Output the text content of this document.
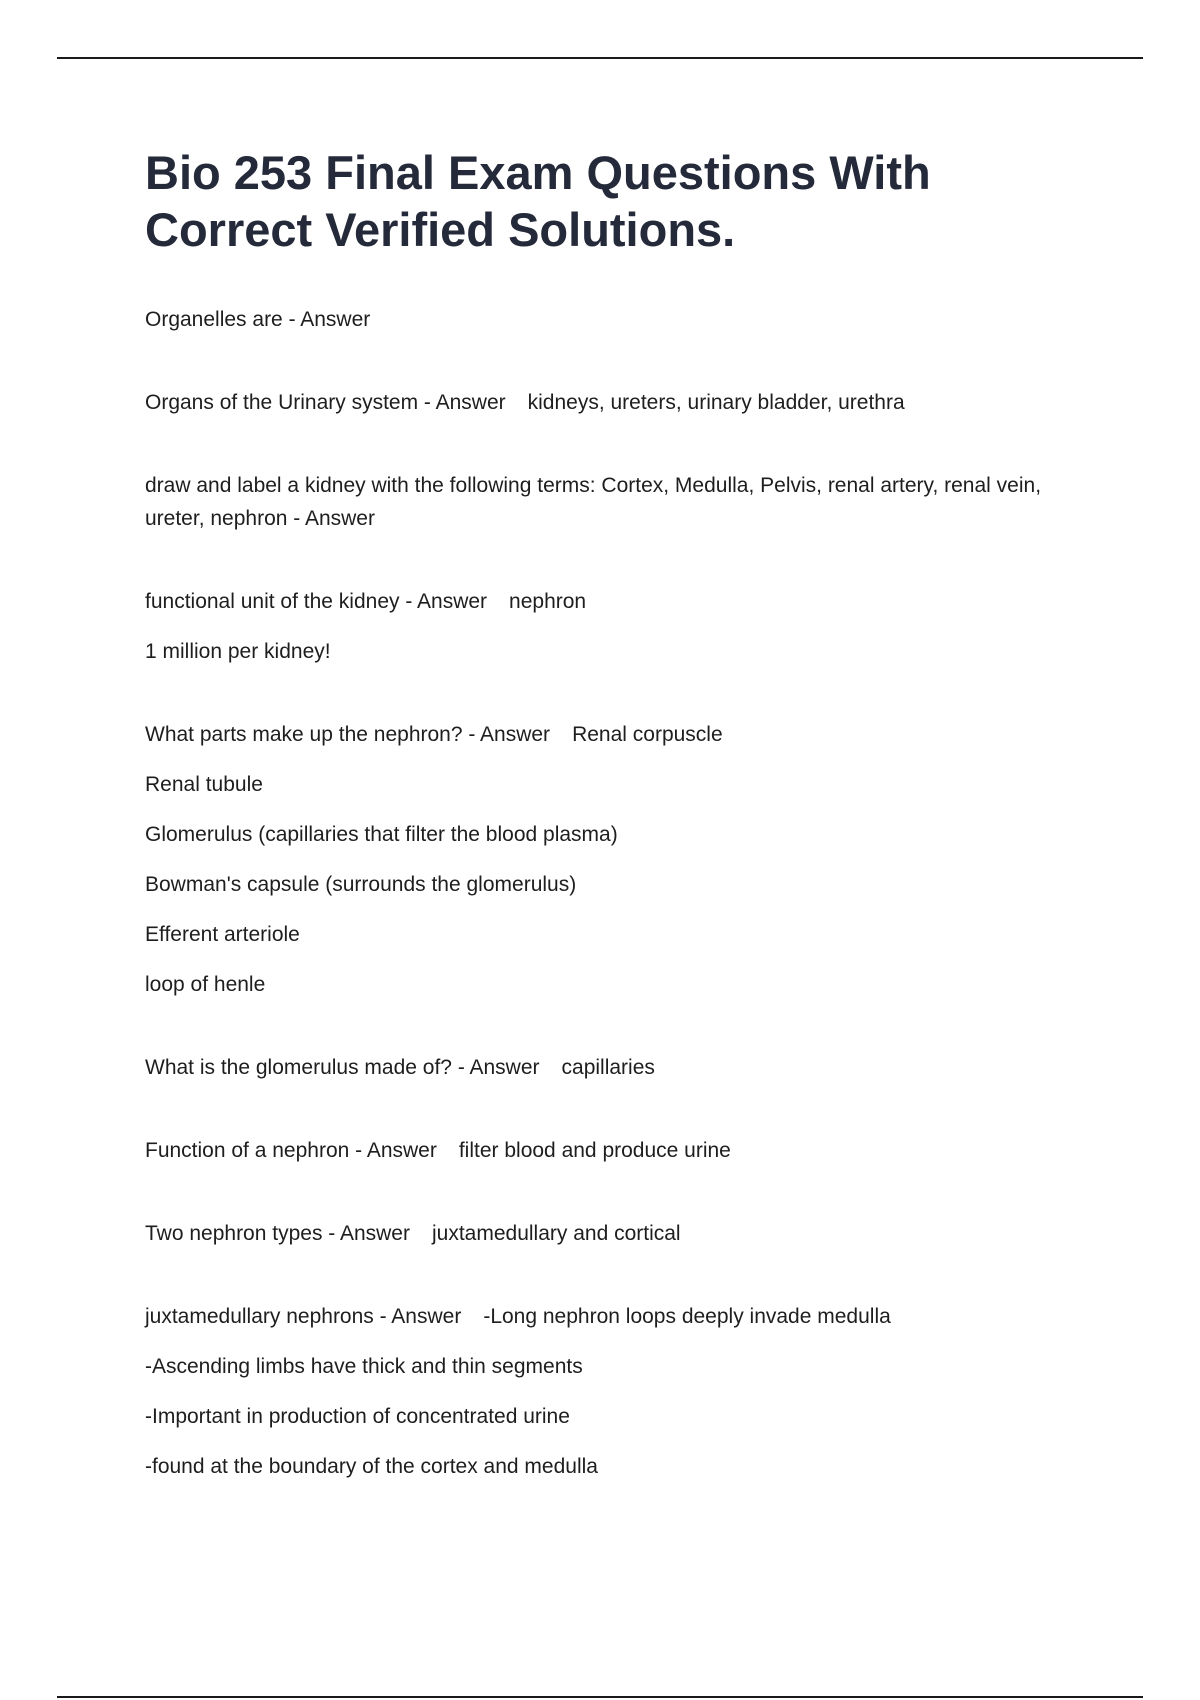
Bio 253 Final Exam Questions With Correct Verified Solutions.
Organelles are - Answer
Organs of the Urinary system - Answer kidneys, ureters, urinary bladder, urethra
draw and label a kidney with the following terms: Cortex, Medulla, Pelvis, renal artery, renal vein, ureter, nephron - Answer
functional unit of the kidney - Answer nephron
1 million per kidney!
What parts make up the nephron? - Answer Renal corpuscle
Renal tubule
Glomerulus (capillaries that filter the blood plasma)
Bowman's capsule (surrounds the glomerulus)
Efferent arteriole
loop of henle
What is the glomerulus made of? - Answer capillaries
Function of a nephron - Answer filter blood and produce urine
Two nephron types - Answer juxtamedullary and cortical
juxtamedullary nephrons - Answer -Long nephron loops deeply invade medulla
-Ascending limbs have thick and thin segments
-Important in production of concentrated urine
-found at the boundary of the cortex and medulla
